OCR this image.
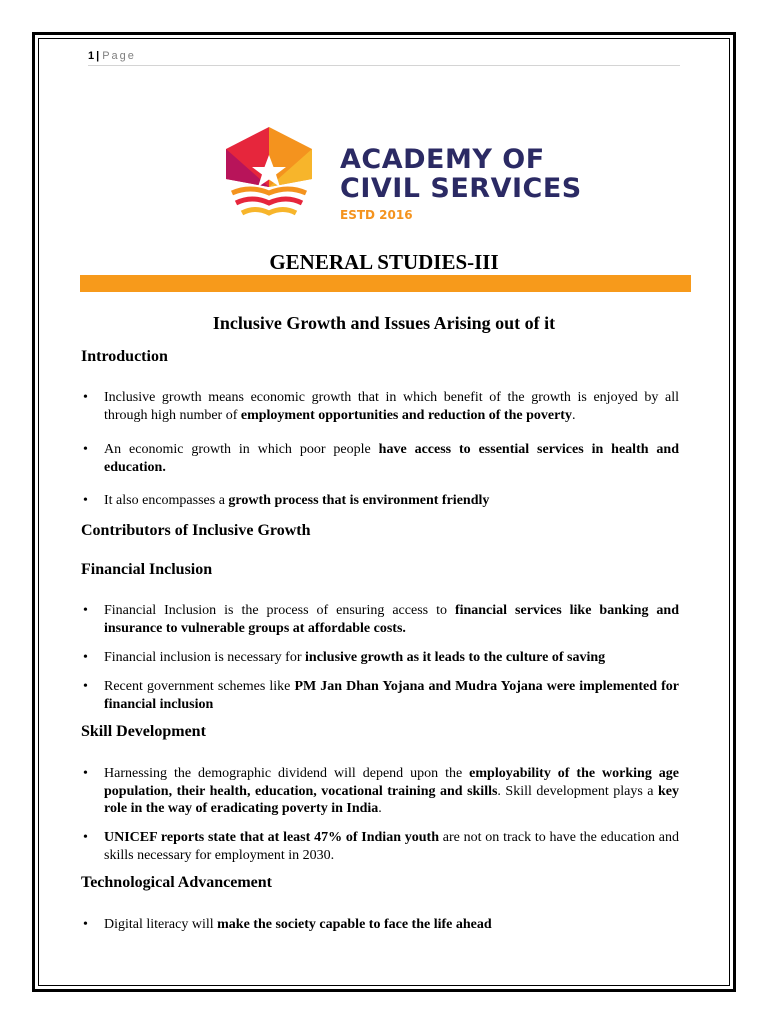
1 | Page
ACADEMY OF
CIVIL SERVICES
ESTD 2016
GENERAL STUDIES-III
Inclusive Growth and Issues Arising out of it
Introduction
• Inclusive growth means economic growth that in which benefit of the growth is enjoyed by all through high number of employment opportunities and reduction of the poverty.
• An economic growth in which poor people have access to essential services in health and education.
• It also encompasses a growth process that is environment friendly
Contributors of Inclusive Growth
Financial Inclusion
• Financial Inclusion is the process of ensuring access to financial services like banking and insurance to vulnerable groups at affordable costs.
• Financial inclusion is necessary for inclusive growth as it leads to the culture of saving
• Recent government schemes like PM Jan Dhan Yojana and Mudra Yojana were implemented for financial inclusion
Skill Development
• Harnessing the demographic dividend will depend upon the employability of the working age population, their health, education, vocational training and skills. Skill development plays a key role in the way of eradicating poverty in India.
• UNICEF reports state that at least 47% of Indian youth are not on track to have the education and skills necessary for employment in 2030.
Technological Advancement
• Digital literacy will make the society capable to face the life ahead
